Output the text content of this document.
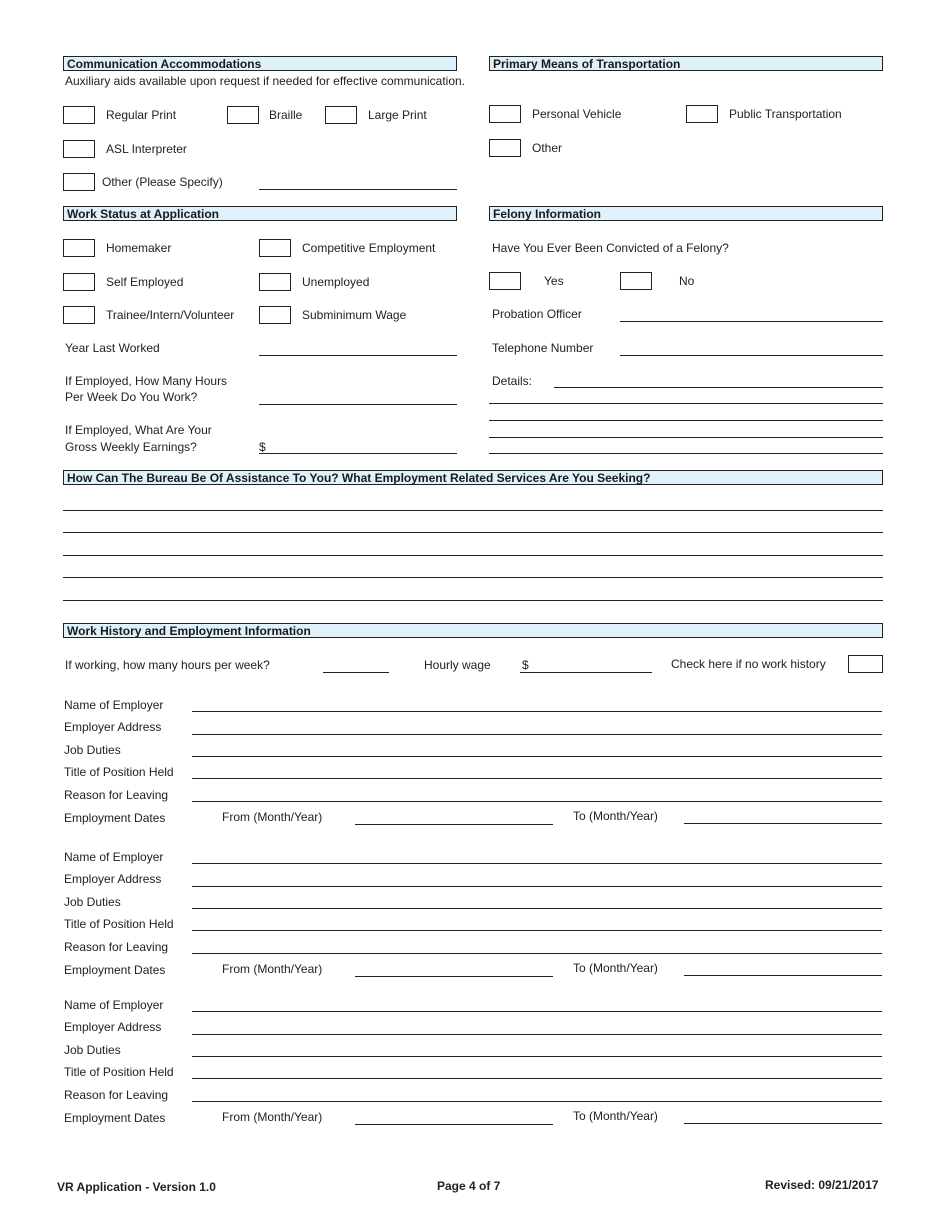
Communication Accommodations
Auxiliary aids available upon request if needed for effective communication.
Regular Print	Braille	Large Print
ASL Interpreter
Other (Please Specify)
Primary Means of Transportation
Personal Vehicle	Public Transportation
Other
Work Status at Application
Homemaker	Competitive Employment
Self Employed	Unemployed
Trainee/Intern/Volunteer	Subminimum Wage
Year Last Worked
If Employed, How Many Hours
Per Week Do You Work?
If Employed, What Are Your
Gross Weekly Earnings?	$
Felony Information
Have You Ever Been Convicted of a Felony?
Yes	No
Probation Officer
Telephone Number
Details:
How Can The Bureau Be Of Assistance To You? What Employment Related Services Are You Seeking?
Work History and Employment Information
If working, how many hours per week?	Hourly wage	$	Check here if no work history
Name of Employer
Employer Address
Job Duties
Title of Position Held
Reason for Leaving
Employment Dates	From (Month/Year)	To (Month/Year)
Name of Employer
Employer Address
Job Duties
Title of Position Held
Reason for Leaving
Employment Dates	From (Month/Year)	To (Month/Year)
Name of Employer
Employer Address
Job Duties
Title of Position Held
Reason for Leaving
Employment Dates	From (Month/Year)	To (Month/Year)
VR Application - Version 1.0	Page 4 of 7	Revised: 09/21/2017
